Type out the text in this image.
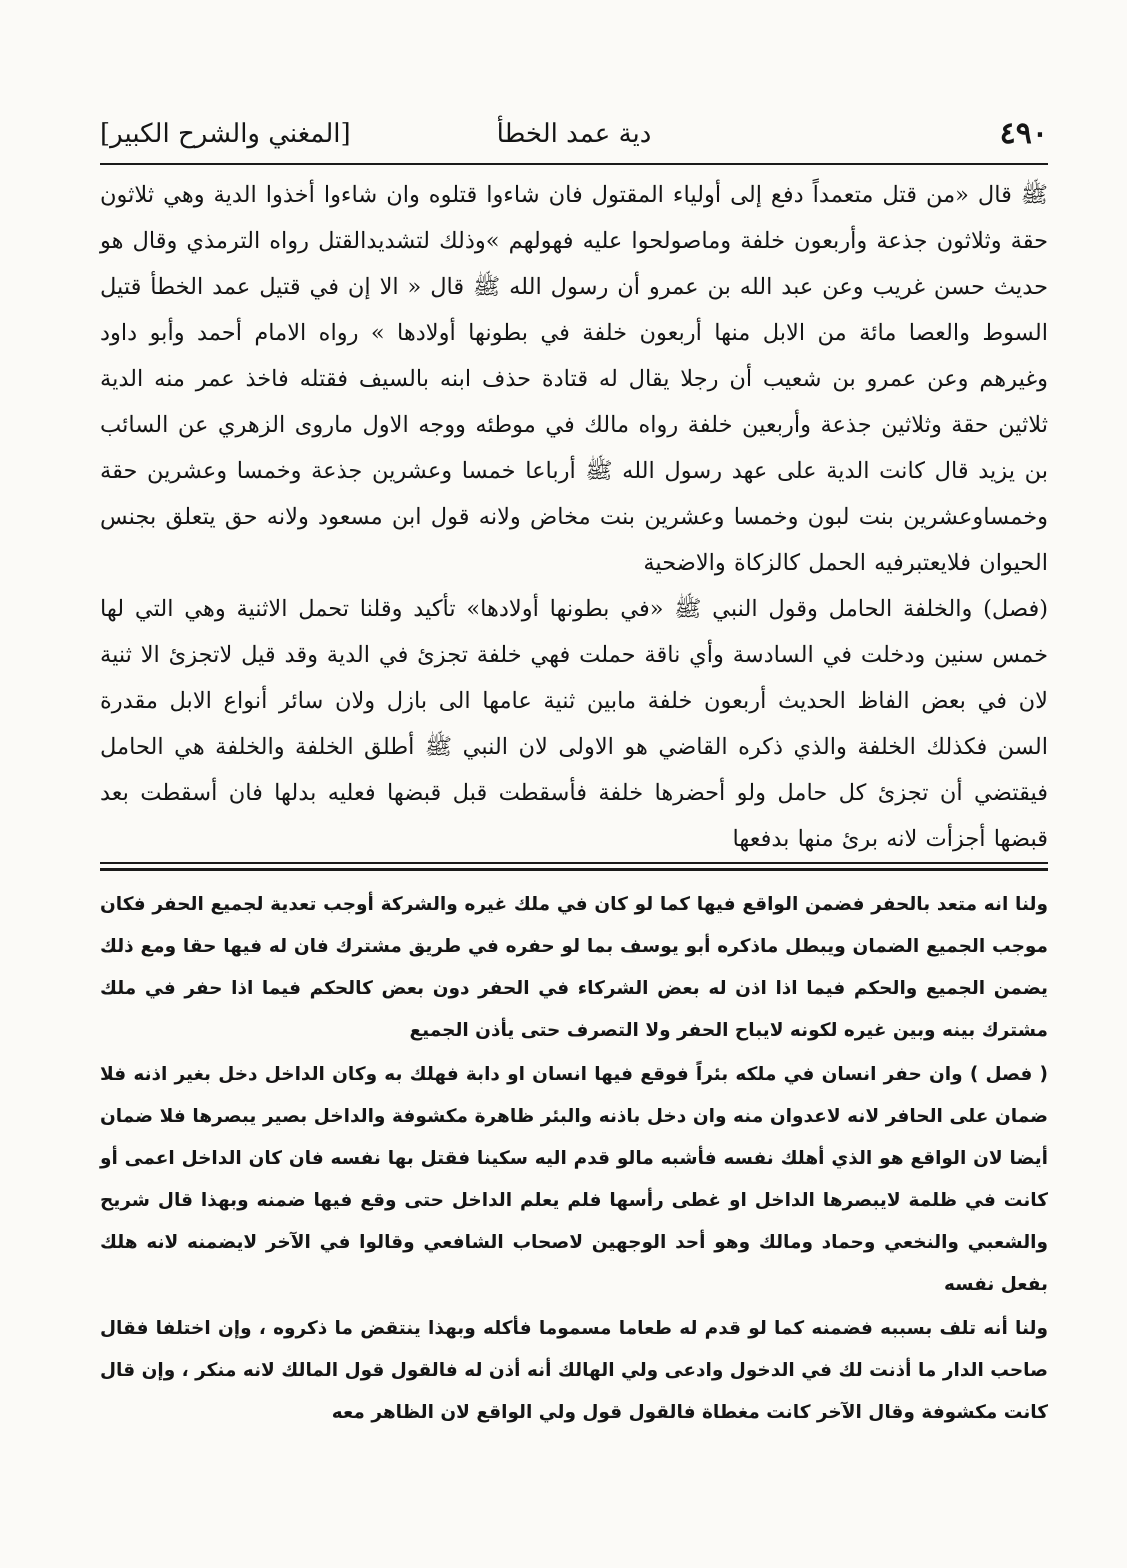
٤٩٠
دية عمد الخطأ
[المغني والشرح الكبير]

ﷺ قال «من قتل متعمداً دفع إلى أولياء المقتول فان شاءوا قتلوه وان شاءوا أخذوا الدية وهي ثلاثون حقة وثلاثون جذعة وأربعون خلفة وماصولحوا عليه فهولهم »وذلك لتشديدالقتل رواه الترمذي وقال هو حديث حسن غريب وعن عبد الله بن عمرو أن رسول الله ﷺ قال « الا إن في قتيل عمد الخطأ قتيل السوط والعصا مائة من الابل منها أربعون خلفة في بطونها أولادها » رواه الامام أحمد وأبو داود وغيرهم وعن عمرو بن شعيب أن رجلا يقال له قتادة حذف ابنه بالسيف فقتله فاخذ عمر منه الدية ثلاثين حقة وثلاثين جذعة وأربعين خلفة رواه مالك في موطئه ووجه الاول ماروى الزهري عن السائب بن يزيد قال كانت الدية على عهد رسول الله ﷺ أرباعا خمسا وعشرين جذعة وخمسا وعشرين حقة وخمساوعشرين بنت لبون وخمسا وعشرين بنت مخاض ولانه قول ابن مسعود ولانه حق يتعلق بجنس الحيوان فلايعتبرفيه الحمل كالزكاة والاضحية

(فصل) والخلفة الحامل وقول النبي ﷺ «في بطونها أولادها» تأكيد وقلنا تحمل الاثنية وهي التي لها خمس سنين ودخلت في السادسة وأي ناقة حملت فهي خلفة تجزئ في الدية وقد قيل لاتجزئ الا ثنية لان في بعض الفاظ الحديث أربعون خلفة مابين ثنية عامها الى بازل ولان سائر أنواع الابل مقدرة السن فكذلك الخلفة والذي ذكره القاضي هو الاولى لان النبي ﷺ أطلق الخلفة والخلفة هي الحامل فيقتضي أن تجزئ كل حامل ولو أحضرها خلفة فأسقطت قبل قبضها فعليه بدلها فان أسقطت بعد قبضها أجزأت لانه برئ منها بدفعها

ولنا انه متعد بالحفر فضمن الواقع فيها كما لو كان في ملك غيره والشركة أوجب تعدية لجميع الحفر فكان موجب الجميع الضمان ويبطل ماذكره أبو يوسف بما لو حفره في طريق مشترك فان له فيها حقا ومع ذلك يضمن الجميع والحكم فيما اذا اذن له بعض الشركاء في الحفر دون بعض كالحكم فيما اذا حفر في ملك مشترك بينه وبين غيره لكونه لايباح الحفر ولا التصرف حتى يأذن الجميع

( فصل ) وان حفر انسان في ملكه بئراً فوقع فيها انسان او دابة فهلك به وكان الداخل دخل بغير اذنه فلا ضمان على الحافر لانه لاعدوان منه وان دخل باذنه والبئر ظاهرة مكشوفة والداخل بصير يبصرها فلا ضمان أيضا لان الواقع هو الذي أهلك نفسه فأشبه مالو قدم اليه سكينا فقتل بها نفسه فان كان الداخل اعمى أو كانت في ظلمة لايبصرها الداخل او غطى رأسها فلم يعلم الداخل حتى وقع فيها ضمنه وبهذا قال شريح والشعبي والنخعي وحماد ومالك وهو أحد الوجهين لاصحاب الشافعي وقالوا في الآخر لايضمنه لانه هلك بفعل نفسه

ولنا أنه تلف بسببه فضمنه كما لو قدم له طعاما مسموما فأكله وبهذا ينتقض ما ذكروه ، وإن اختلفا فقال صاحب الدار ما أذنت لك في الدخول وادعى ولي الهالك أنه أذن له فالقول قول المالك لانه منكر ، وإن قال كانت مكشوفة وقال الآخر كانت مغطاة فالقول قول ولي الواقع لان الظاهر معه
